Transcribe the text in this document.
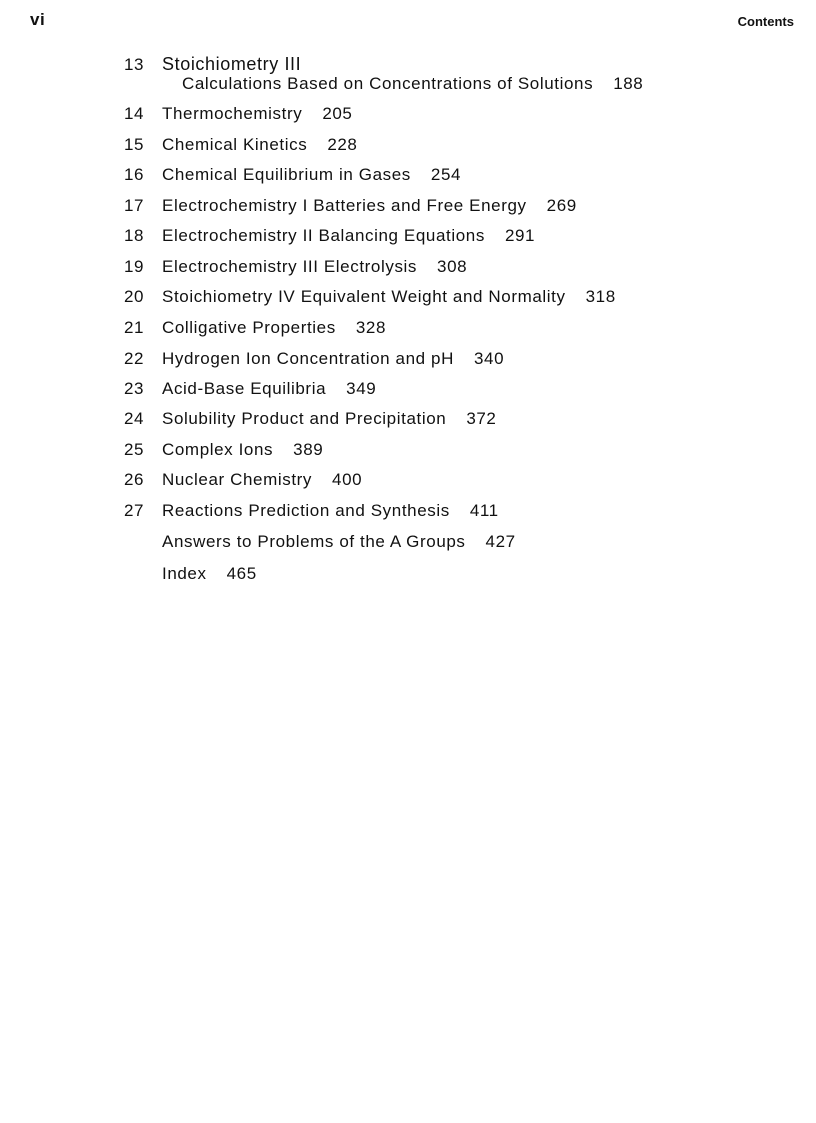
vi	Contents
13 Stoichiometry III
Calculations Based on Concentrations of Solutions 188
14 Thermochemistry 205
15 Chemical Kinetics 228
16 Chemical Equilibrium in Gases 254
17 Electrochemistry I Batteries and Free Energy 269
18 Electrochemistry II Balancing Equations 291
19 Electrochemistry III Electrolysis 308
20 Stoichiometry IV Equivalent Weight and Normality 318
21 Colligative Properties 328
22 Hydrogen Ion Concentration and pH 340
23 Acid-Base Equilibria 349
24 Solubility Product and Precipitation 372
25 Complex Ions 389
26 Nuclear Chemistry 400
27 Reactions Prediction and Synthesis 411
Answers to Problems of the A Groups 427
Index 465
